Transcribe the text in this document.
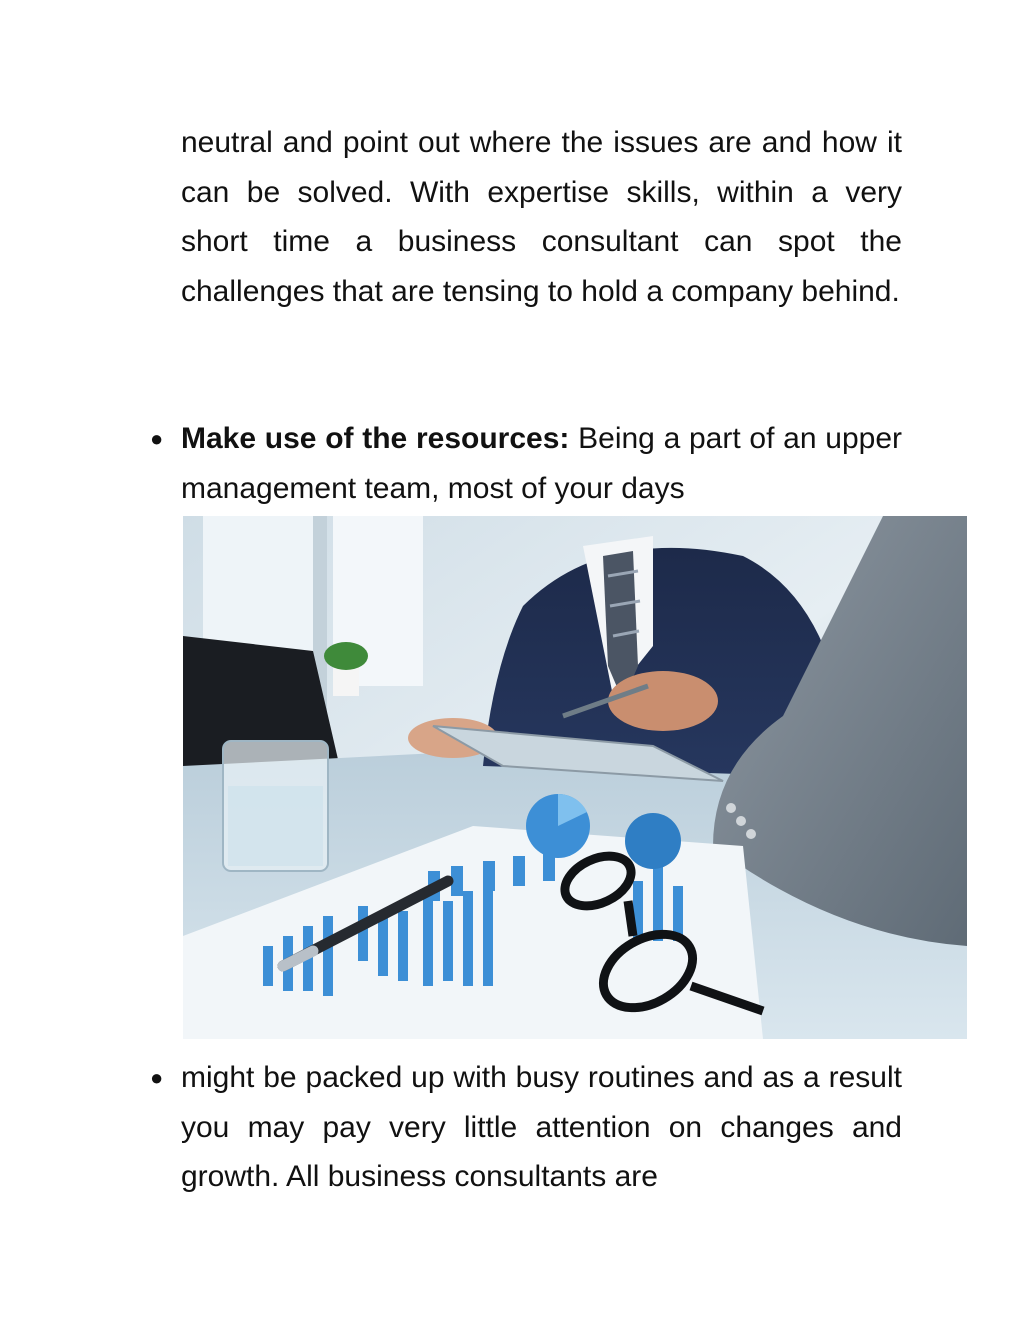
neutral and point out where the issues are and how it can be solved. With expertise skills, within a very short time a business consultant can spot the challenges that are tensing to hold a company behind.

● Make use of the resources: Being a part of an upper management team, most of your days

● might be packed up with busy routines and as a result you may pay very little attention on changes and growth. All business consultants are
